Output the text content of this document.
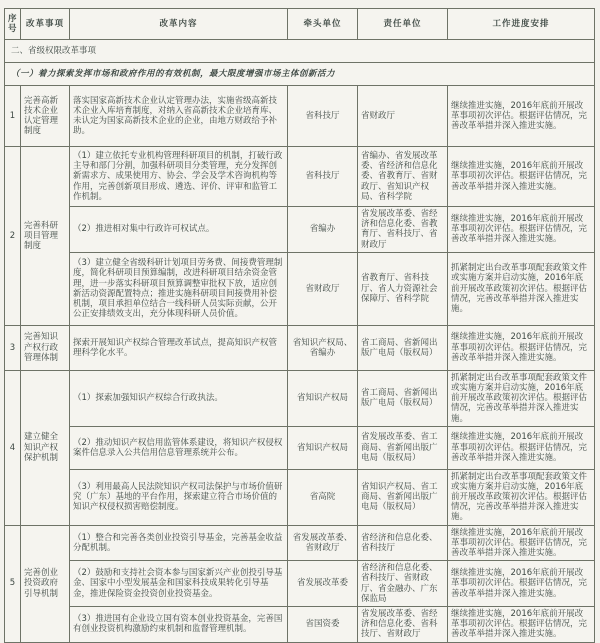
序号	改革事项	改革内容	牵头单位	责任单位	工作进度安排
二、省级权限改革事项					
（一）着力探索发挥市场和政府作用的有效机制，最大限度增强市场主体创新活力					
1	完善高新技术企业认定管理制度	落实国家高新技术企业认定管理办法，实施省级高新技术企业入库培育制度，对纳入省高新技术企业培育库、未认定为国家高新技术企业的企业，由地方财政给予补助。	省科技厅	省财政厅	继续推进实施，2016年底前开展改革事项初次评估。根据评估情况，完善改革举措并深入推进实施。
2	完善科研项目管理制度	（1）建立依托专业机构管理科研项目的机制，打破行政主导和部门分割，加强科研项目分类管理，充分发挥创新需求方、成果使用方、协会、学会及学术咨询机构等作用，完善创新项目形成、遴选、评价、评审和监管工作机制。	省科技厅	省编办、省发展改革委、省经济和信息化委、省教育厅、省财政厅、省知识产权局、省科学院	继续推进实施，2016年底前开展改革事项初次评估。根据评估情况，完善改革举措并深入推进实施。
		（2）推进相对集中行政许可权试点。	省编办	省发展改革委、省经济和信息化委、省教育厅、省科技厅、省财政厅	继续推进实施，2016年底前开展改革事项初次评估。根据评估情况，完善改革举措并深入推进实施。
		（3）建立健全省级科研计划项目劳务费、间接费管理制度，简化科研项目预算编制，改进科研项目结余资金管理，进一步落实科研项目预算调整审批权下放，适应创新活动资源配置特点；推进实施科研项目间接费用补偿机制，项目承担单位结合一线科研人员实际贡献，公开公正安排绩效支出，充分体现科研人员价值。	省财政厅	省教育厅、省科技厅、省人力资源社会保障厅、省科学院	抓紧制定出台改革事项配套政策文件或实施方案并启动实施，2016年底前开展改革政策初次评估。根据评估情况，完善改革举措并深入推进实施。
3	完善知识产权行政管理体制	探索开展知识产权综合管理改革试点，提高知识产权管理科学化水平。	省知识产权局、省编办	省工商局、省新闻出版广电局（版权局）	继续推进实施，2016年底前开展改革事项初次评估。根据评估情况，完善改革举措并深入推进实施。
4	建立健全知识产权保护机制	（1）探索加强知识产权综合行政执法。	省知识产权局	省工商局、省新闻出版广电局（版权局）	抓紧制定出台改革事项配套政策文件或实施方案并启动实施，2016年底前开展改革政策初次评估。根据评估情况，完善改革举措并深入推进实施。
		（2）推动知识产权信用监管体系建设，将知识产权侵权案件信息录入公共信用信息管理系统并公布。	省知识产权局	省发展改革委、省工商局、省新闻出版广电局（版权局）	继续推进实施，2016年底前开展改革事项初次评估。根据评估情况，完善改革举措并深入推进实施。
		（3）利用最高人民法院知识产权司法保护与市场价值研究（广东）基地的平台作用，探索建立符合市场价值的知识产权侵权损害赔偿制度。	省高院	省知识产权局、省工商局、省新闻出版广电局（版权局）	抓紧制定出台改革事项配套政策文件或实施方案并启动实施，2016年底前开展改革政策初次评估。根据评估情况，完善改革举措并深入推进实施。
5	完善创业投资政府引导机制	（1）整合和完善各类创业投资引导基金，完善基金收益分配机制。	省发展改革委、省财政厅	省经济和信息化委、省科技厅	继续推进实施，2016年底前开展改革事项初次评估。根据评估情况，完善改革举措并深入推进实施。
		（2）鼓励和支持社会资本参与国家新兴产业创投引导基金、国家中小型发展基金和国家科技成果转化引导基金，推进保险资金投资创业投资基金。	省发展改革委	省经济和信息化委、省科技厅、省财政厅、省金融办、广东保监局	继续推进实施，2016年底前开展改革事项初次评估。根据评估情况，完善改革举措并深入推进实施。
		（3）推进国有企业设立国有资本创业投资基金，完善国有创业投资机构激励约束机制和监督管理机制。	省国资委	省发展改革委、省经济和信息化委、省科技厅、省财政厅	继续推进实施，2016年底前开展改革事项初次评估。根据评估情况，完善改革举措并深入推进实施。
